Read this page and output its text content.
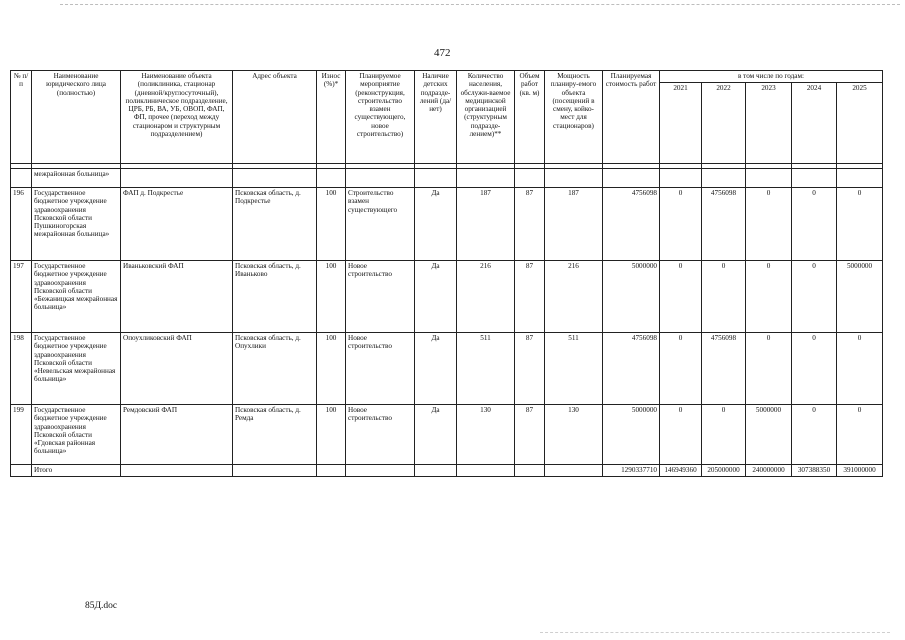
472
№ п/п	Наименование юридического лица (полностью)	Наименование объекта (поликлиника, стационар (дневной/круглосуточный), поликлиническое подразделение, ЦРБ, РБ, ВА, УБ, ОВОП, ФАП, ФП, прочее (переход между стационаром и структурным подразделением)	Адрес объекта	Износ (%)*	Планируемое мероприятие (реконструкция, строительство взамен существующего, новое строительство)	Наличие детских подразде-лений (да/нет)	Количество населения, обслужи-ваемое медицинской организацией (структурным подразде-лением)**	Объем работ (кв. м)	Мощность планиру-емого объекта (посещений в смену, койко-мест для стационаров)	Планируемая стоимость работ	в том числе по годам:				
											2021	2022	2023	2024	2025

	межрайонная больница»														
196	Государственное бюджетное учреждение здравоохранения Псковской области Пушкиногорская межрайонная больница»	ФАП д. Подкрестье	Псковская область, д. Подкрестье	100	Строительство взамен существующего	Да	187	87	187	4756098	0	4756098	0	0	0
197	Государственное бюджетное учреждение здравоохранения Псковской области «Бежаницкая межрайонная больница»	Иваньковский ФАП	Псковская область, д. Иваньково	100	Новое строительство	Да	216	87	216	5000000	0	0	0	0	5000000
198	Государственное бюджетное учреждение здравоохранения Псковской области «Невельская межрайонная больница»	Опоухликовский ФАП	Псковская область, д. Опухлики	100	Новое строительство	Да	511	87	511	4756098	0	4756098	0	0	0
199	Государственное бюджетное учреждение здравоохранения Псковской области «Гдовская районная больница»	Ремдовский ФАП	Псковская область, д. Ремда	100	Новое строительство	Да	130	87	130	5000000	0	0	5000000	0	0
	Итого									1290337710	146949360	205000000	240000000	307388350	391000000
85Д.doc
